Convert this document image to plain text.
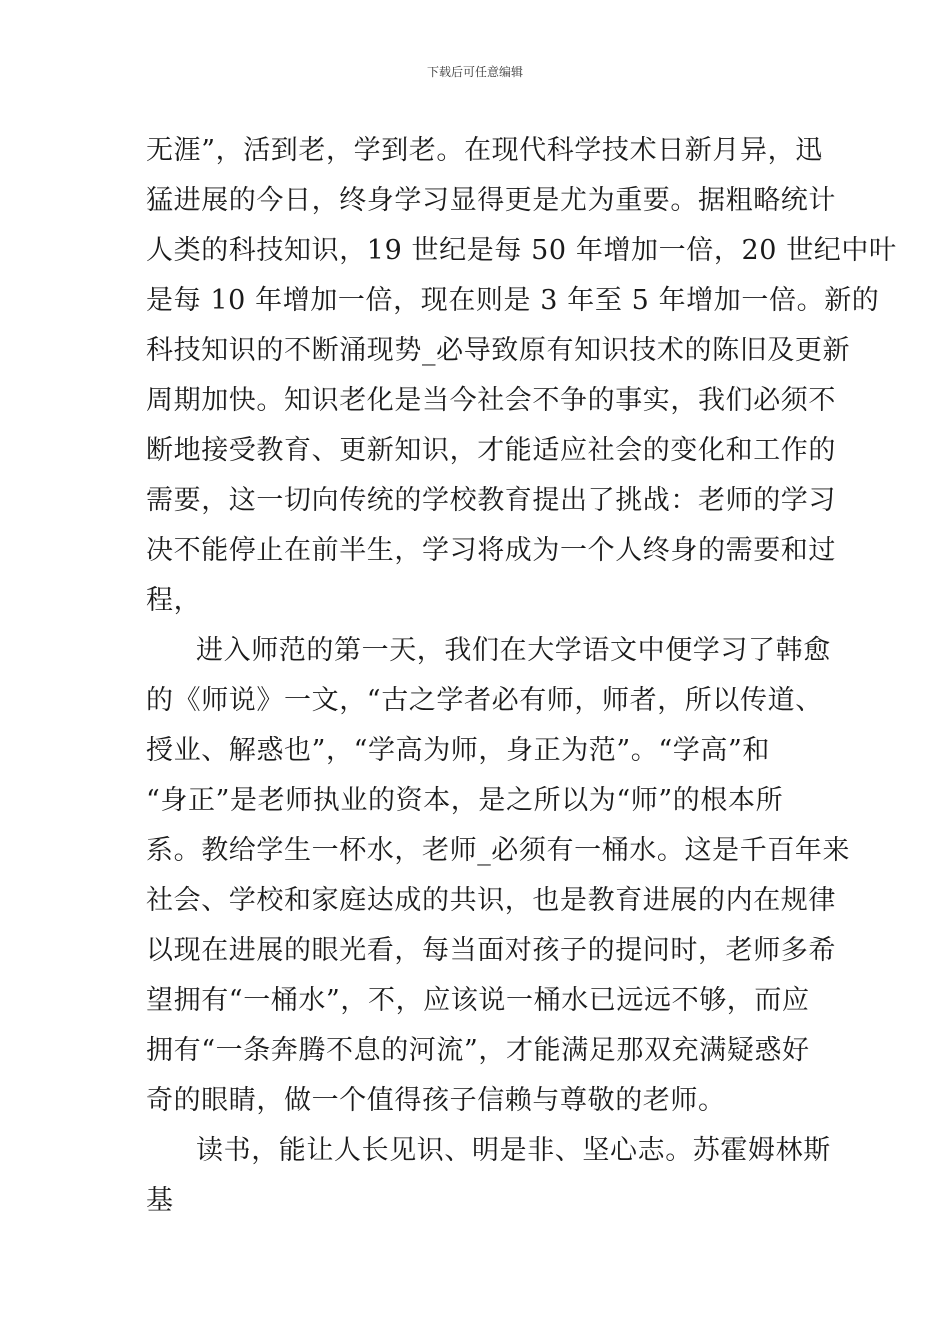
下载后可任意编辑
无涯”，活到老，学到老。在现代科学技术日新月异，迅
猛进展的今日，终身学习显得更是尤为重要。据粗略统计
人类的科技知识，19 世纪是每 50 年增加一倍，20 世纪中叶
是每 10 年增加一倍，现在则是 3 年至 5 年增加一倍。新的
科技知识的不断涌现势_必导致原有知识技术的陈旧及更新
周期加快。知识老化是当今社会不争的事实，我们必须不
断地接受教育、更新知识，才能适应社会的变化和工作的
需要，这一切向传统的学校教育提出了挑战：老师的学习
决不能停止在前半生，学习将成为一个人终身的需要和过
程，
进入师范的第一天，我们在大学语文中便学习了韩愈
的《师说》一文，“古之学者必有师，师者，所以传道、
授业、解惑也”，“学高为师，身正为范”。“学高”和
“身正”是老师执业的资本，是之所以为“师”的根本所
系。教给学生一杯水，老师_必须有一桶水。这是千百年来
社会、学校和家庭达成的共识，也是教育进展的内在规律
以现在进展的眼光看，每当面对孩子的提问时，老师多希
望拥有“一桶水”，不，应该说一桶水已远远不够，而应
拥有“一条奔腾不息的河流”，才能满足那双充满疑惑好
奇的眼睛，做一个值得孩子信赖与尊敬的老师。
读书，能让人长见识、明是非、坚心志。苏霍姆林斯
基
